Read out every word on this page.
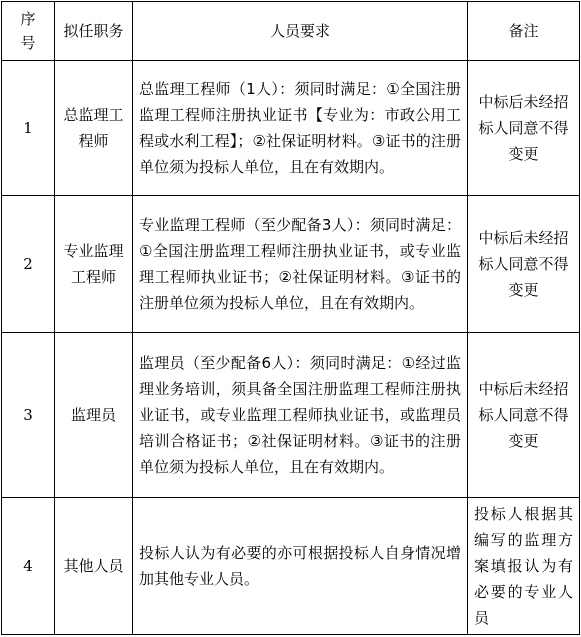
序号	拟任职务	人员要求	备注
1	总监理工程师	总监理工程师（1人）：须同时满足：①全国注册监理工程师注册执业证书【专业为：市政公用工程或水利工程】；②社保证明材料。③证书的注册单位须为投标人单位，且在有效期内。	中标后未经招标人同意不得变更
2	专业监理工程师	专业监理工程师（至少配备3人）：须同时满足：①全国注册监理工程师注册执业证书，或专业监理工程师执业证书；②社保证明材料。③证书的注册单位须为投标人单位，且在有效期内。	中标后未经招标人同意不得变更
3	监理员	监理员（至少配备6人）：须同时满足：①经过监理业务培训，须具备全国注册监理工程师注册执业证书，或专业监理工程师执业证书，或监理员培训合格证书；②社保证明材料。③证书的注册单位须为投标人单位，且在有效期内。	中标后未经招标人同意不得变更
4	其他人员	投标人认为有必要的亦可根据投标人自身情况增加其他专业人员。	投标人根据其编写的监理方案填报认为有必要的专业人员
